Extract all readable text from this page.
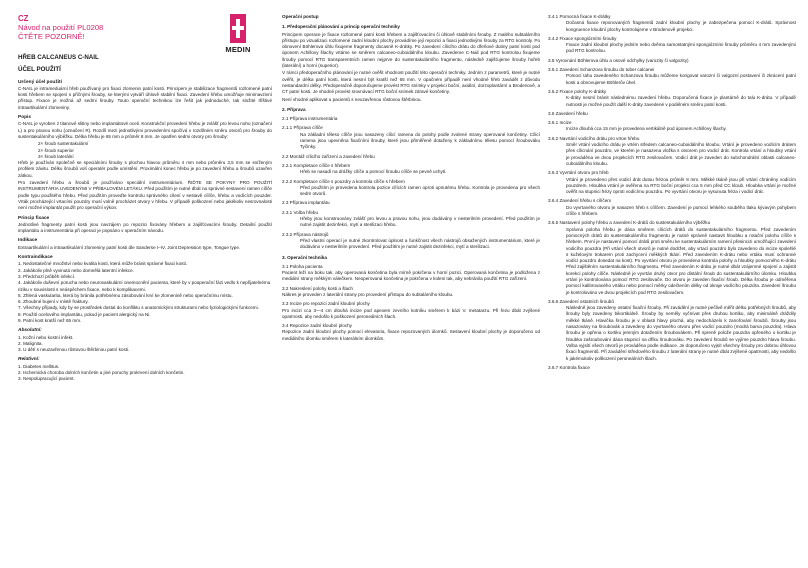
MEDIN
CZ
Návod na použití PL0208
ČTĚTE POZORNĚ!
HŘEB CALCANEUS C-NAIL
ÚČEL POUŽITÍ
Určený účel použití

C-NAIL je intrameduární hřeb používaný pro fixaci zlomenin patní kosti. Principem je stabilizace fragmentů rozlomené patní kosti hřebem se spojení s přičnými šrouby, se kterými vytváří úhlově stabilní fixaci. Zavedení hřebu umožňuje minimavzivní přístup. Fixace je možná až sedmi šrouby. Touto operační technikou lze řešit jak jednoduché, tak složité tříštivé intraartikulární zlomeniny.

Popis

C-NAIL je vyroben z titanové slitiny nebo implantátové oceli. Konstrukční provedení hřebu je zvlášť pro levou nohu (označení L) a pro pravou nohu (označení R). Rozdíl mezi jednotlivými provedeními spočívá v rozdílném směru otvorů pro šrouby do sustentakulárního výběžku. Délka hřebu je 65 mm a průměr 8 mm. Je opatřen sedmi otvory pro šrouby:

2× šroub sustentakulární
2× šroub superior
3× šroub laterální

Hřeb je používán společně se speciálními šrouby s plochou hlavou průměru 4 mm nebo průměru 3,5 mm se sníženým profilem závitu. Délku šroubů volí operatér podle umístění. Proximální konec hřebu je po zavedení hřebu a šroubů uzavřen zátkou.

Pro zavedení hřebu a šroubů je používáno speciální instrumentárium. ŘIĎTE SE POKYNY PRO POUŽITÍ INSTRUMENTÁRIA UVEDENÝMI V PŘÍBALOVÉM LETÁKU. Před použitím je nutné dbát na správné sestavení ramen cílíče podle typu použitého hřebu. Před použitím proveďte kontrolu správného cílení v sestavě cílíče, hřebu a vodících pouzder. Vrták procházející vrtacími pouzdry musí volně procházet otvory v hřebu. V případě poškození nebo jakékoliv nesrovnalosti není možné implantát použít pro operační výkon.

Princip fixace

Jednotlivé fragmenty patní kosti jsou navzájem po repozici fixovány hřebem a zajišťovacími šrouby. Detailní použití implantátu a instrumentária při operaci je popsáno v operačním návodu.

Indikace

Extraartikulární a intraartikulární zlomeniny patní kosti dle Sanderse I–IV, Joint Depression type, Tongue type.

Kontraindikace
1. Nedostatečné množství nebo kvalita kosti, která může bránit správné fixaci kosti.
2. Jakákoliv plně vyvinutá nebo domnělá latentní infekce.
3. Předchozí průběh infekcí.
4. Jakákoliv duševní porucha nebo neurovaskulární onemocnění pacienta, které by v pooperační fázi vedlo k nepřijatelnému riziku v souvislosti s neúspěchem fixace, nebo k komplikacemi.
5. Zhlená vaskularita, která by bránila potřebnému zásobování krví ke zlomenině nebo operačnímu místu.
6. Zhoubné bujení v místě fraktury.
7. Všechny případy, kdy by se prostředek dostal do konfliktu s anatomickými strukturami nebo fyziologickými funkcemi.
8. Použití ocelového implantátu, pokud je pacient alergický na Ni.
9. Patní kost kratší než 65 mm.
Absolutní:
1. Kožní nebo kostní infekt.
2. Malignita.
3. U dětí s neuzavřenou růstovou štěrbinou patní kosti.
Relativní:
1. Diabetes mellitus.
2. Ischemická choroba dolních končetin a jiné poruchy prokrvení dolních končetin.
3. Nespolupracující pacient.
Operační postup
1. Předoperační plánování a princip operační techniky

Principem operace je fixace rozlomené patní kosti hřebem a zajišťovacími či úhlově stabilními šrouby. Z malého subtalárního přístupu po vizualizaci rozlomené zadní kloubní plochy provádíme její repozici a fixaci jednotlivými šrouby za RTG kontroly. Po obnovení Böhlerova úhlu fixujeme fragmenty docasně K-drátky. Po zavedení cílicího drátu do dřeňové dutiny patní kosti pod úponem Achillovy šlachy vrtáme se směrem calcaneo-cuboidálního kloubu. Zavedeme C-Nail pod RTG kontrolou fixujeme šrouby pomocí RTG transparentních ramen nejprve do sustentakulárního fragmentu, následně zajišťujeme šrouby hořeb (laterální) a horní (superior).

V rámci předoperačního plánování je nutné ověřit vhodnost použití této operační techniky. Jedním z parametrů, které je nutné ověřit, je délka patní kosti, která nesmí být kratší než 65 mm. V opačném případě není vhodné hřeb zavádět z důvodu nestandardní délky. Předoperačně doporučujeme provést RTG snímky v projekci boční, axiální, dorzoplantární a Brodenově, a CT patní kosti. Je vhodné provést srovnávací RTG boční snímek zdravé končetiny.

Není vhodné aplikovat u pacientů s neuzavřenou růstovou štěrbinou.

2. Příprava
2.1 Příprava instrumentária
2.1.1 Příprava cílíče

Na základní těleso cílíče jsou nasazeny cílicí ramena do polohy podle zvolené strany operované končetiny. Cílicí ramena jsou upevněna fixačními šrouby, které jsou přiměřeně dotaženy k základnímu tělesu pomocí šroubováku Tyčinky.

2.2 Montáž cílicího zařízení a zavedení hřebu
2.2.1 Kompletace cílíče s hřebem

Hřeb se nasadí na drážky cílíče a pomocí šroubu cílíče se pevně uchytí.

2.2.2 Kompletace cílíče s pouzdry a kontrola cílíče s hřebem

Před použitím je provedena kontrola pozice cílících ramen oproti upnutému hřebu. Kontrola je provedena pro všech sedm otvorů.

2.3 Příprava implantátu
2.3.1 Volba hřebu

Hřeby jsou konstruovány zvlášť pro levou a pravou nohu, jsou dodávány v nesterilním provedení. Před použitím je nutné zajistit dezinfekci, mytí a sterilizaci hřebu.

2.3.2 Příprava nástrojů

Před vlastní operací je nutné zkontrolovat úplnost a funkčnost všech nástrojů obsažených instrumentárium, které je dodáváno v nesterilním provedení. Před použitím je nutné zajistit dezinfekci, mytí a sterilizaci.

3. Operační technika
3.1 Poloha pacienta

Pacient leží na boku tak, aby operovaná končetina byla mírně pokrčena v horní pozici. Operovaná končetina je podložena z mediální strany měkkým válečkem. Neoperovaná končetina je pokrčena v koleni tak, aby nebránila použití RTG zařízení.

3.2 Nakreslení polohy kosti a šlach

Nákres je proveden z laterální strany pro provedení přístupu do subtalárního kloubu.

3.3 Incize pro repozici zadní kloubní plochy

Pro incizi cca 3—4 cm dlouhá incize pod apexem zevního kotníku směrem k bázi V. metatarzu. Při řezu dbát zvýšené opatrnosti, aby nedošlo k poškození peroneálních šlach.

3.4 Repozice zadní kloubní plochy

Repozice zadní kloubní plochy pomocí elevatoria, fixace repozovaných úlomků. Sestavení kloubní plochy je doporučeno od mediálního úlomku směrem k laterálním úlomkům.

3.4.1 Pomocná fixace K-drátky

Dočasná fixace reponovaných fragmentů zadní kloubní plochy je zabezpečena pomocí K-drátů. Správnost kongruence kloubní plochy kontrolujeme v Brodenově projekci.

3.4.2 Fixace spongiózními šrouby

Fixace zadní kloubní plochy jedním nebo dvěma samostatnými spongiózními šrouby průměru 4 mm zavedenými pod RTG kontrolou.

3.5 Vyrovnání Böhlerova úhlu a osové odchylky (varozity či valgozity)
3.5.1 Zavedení Schanzova šroubu do tuber calcanei

Pomocí tahu zavedeného Schanzova šroubu můžeme korigovat varozní či valgozní postavení či zkrácení patní kosti a obnovujeme Böhlerův úhel.

3.5.2 Fixace polohy K-drátky

K-dráty nesmí bránit následnému zavedení hřebu. Doporučená fixace je plantárně do talu K-drátu. V případě nutnosti je možné použít další K-dráty zavedené v podélném směru patní kosti.

3.6 Zavedení hřebu
3.6.1 Incize

Incize dlouhá cca 15 mm je provedena vertikálně pod úponem Achillovy šlachy.

3.6.2 Navrtání vodicího drátu pro vrtoe hřebu

Směr vrtání vodicího drátu je vrtém středem calcaneo-cuboidálního kloubu. Vrtání je provedeno vodícím drátem přes cílicnání pouzdro, ve kterém je nasazena vložka s otvorem pro vodicí drát. Kontrola vrtání a hloubky vrtání je prováděna ve dvou projekcích RTG zesilovačem. Vodicí drát je zaveden do subchondrální oblasti calcaneo-cuboidálního kloubu.

3.6.3 Vyvrtání otvoru pro hřeb

Vrtání je provedeno přes vodicí drát dutou frézou průměr 8 mm. Měkké tkáně jsou při vrtání chráněny vodícím pouzdrem. Hloubka vrtání je ověřena na RTG boční projekci cca 5 mm před CC kloub. Hloubka vrtání je možné ověřit na stupnici frézy oproti vodícímu pouzdru. Po vyvrtání otvoru je vysunuta fréza i vodicí drát.

3.6.4 Zavedení hřebu s cílíčem

Do vyvrtaného otvoru je nasazen hřeb s cílíčem. Zavedení je pomocí lehkého souběho tlaku kývavým pohybem cílíče s hřebem.

3.6.5 Nastavení polohy hřebu a zavedení K-drátů do sustentakulárního výběžku

Správná poloha hřebu je dána směrem cílicích drátů do sustentakulárního fragmentu. Před zavedením pomocných drátů do sustentakulárního fragmentu je nutné správně nastavit hloubku a rotační polohu cílíče s hřebem. První je nastavení pomocí drátů proti směru ke sustentakulárním ramení přesincizi umožňující zavedení vodicího pouzdra (Při vrtání všech otvorů je nutné dodržet, aby vrtací pouzdro bylo zavedeno do incize spolehlé s kuželovým trokarem proti zachycení měkkých tkání. Před zavedením K-drátu nebo vrtáku musí ochranné vodící pouzdro dosedat na kost). Po vyvrtání otvoru je provedena kontrola polohy a hloubky pomocného K-drátu Před zajištěním sustentakulárního fragmentu. Před zavedením K-drátu je nutné dbát vzájemné spojení a zajistit korekci polohy cílíče. Následně je vyvrtán druhý otvor pro distální šroub do sustentakulárního úlomku. Hloubka vrtání je kontrolována pomocí RTG zesilovače. Do otvoru je zaveden fixační šroub. Délka šroubu je odměřena pomocí kalibrovaného vrtáku nebo pomocí měrky odečtením délky od okraje vodícího pouzdra. Zavedení šroubu je kontrolováno ve dvou projekcích pod RTG zesilovačem.

3.6.6 Zavedení ostatních šroubů

Následně jsou zavedeny ostatní fixační šrouby. Při zavádění je nutné pečlivě měřit délku potřebných šroubů, aby šrouby byly zavedeny bikortikálně. Šrouby by neměly vyčnívat přes druhou kortiku, aby minimálně dráždily měkké tkáně. Hlavička šroubu je v oblasti hlavy plochá, aby nedocházelo k zanořování šroubů. Šrouby jsou nasazovány na šroubovák a zavedeny do vyvrtaného otvoru přes vodící pouzdro (modrá barva pouzdra). Hlava šroubu je opřena o kortiku jemným dotažením šroubovákem. Při spreně polože pouzdra opřeného o kortiku je hloubka zašroubování dána stupnicí na dříku šroubováku. Po zavedení šroubů se vyjíme pouzdro hlava šroubu. Volba vyjsítí všech otvorů je prováděna podle indikace. Je doporučeno vyjsít všechny šrouby pro dobrou úhlovou fixaci fragmentů. Při zavádění středového šroubu z laterální strany je nutné dbát zvýšené opatrnosti, aby nedošlo k jakémukoliv poškození peroneálních šlach.

3.6.7 Kontrola fixace
